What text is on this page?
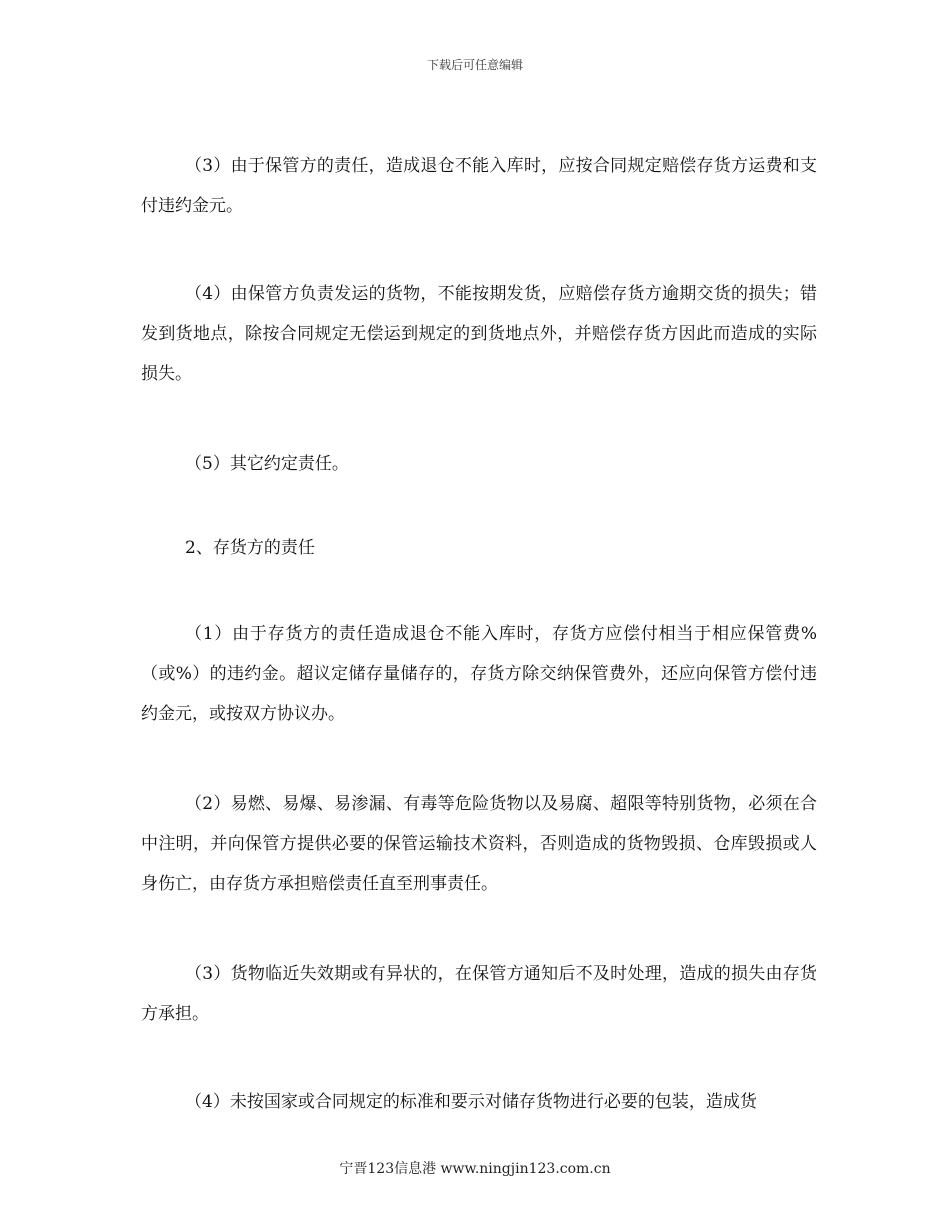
下载后可任意编辑

（3）由于保管方的责任，造成退仓不能入库时，应按合同规定赔偿存货方运费和支付违约金元。

（4）由保管方负责发运的货物，不能按期发货，应赔偿存货方逾期交货的损失；错发到货地点，除按合同规定无偿运到规定的到货地点外，并赔偿存货方因此而造成的实际损失。

（5）其它约定责任。

2、存货方的责任

（1）由于存货方的责任造成退仓不能入库时，存货方应偿付相当于相应保管费%（或%）的违约金。超议定储存量储存的，存货方除交纳保管费外，还应向保管方偿付违约金元，或按双方协议办。

（2）易燃、易爆、易渗漏、有毒等危险货物以及易腐、超限等特别货物，必须在合中注明，并向保管方提供必要的保管运输技术资料，否则造成的货物毁损、仓库毁损或人身伤亡，由存货方承担赔偿责任直至刑事责任。

（3）货物临近失效期或有异状的，在保管方通知后不及时处理，造成的损失由存货方承担。

（4）未按国家或合同规定的标准和要示对储存货物进行必要的包装，造成货

宁晋123信息港 www.ningjin123.com.cn
